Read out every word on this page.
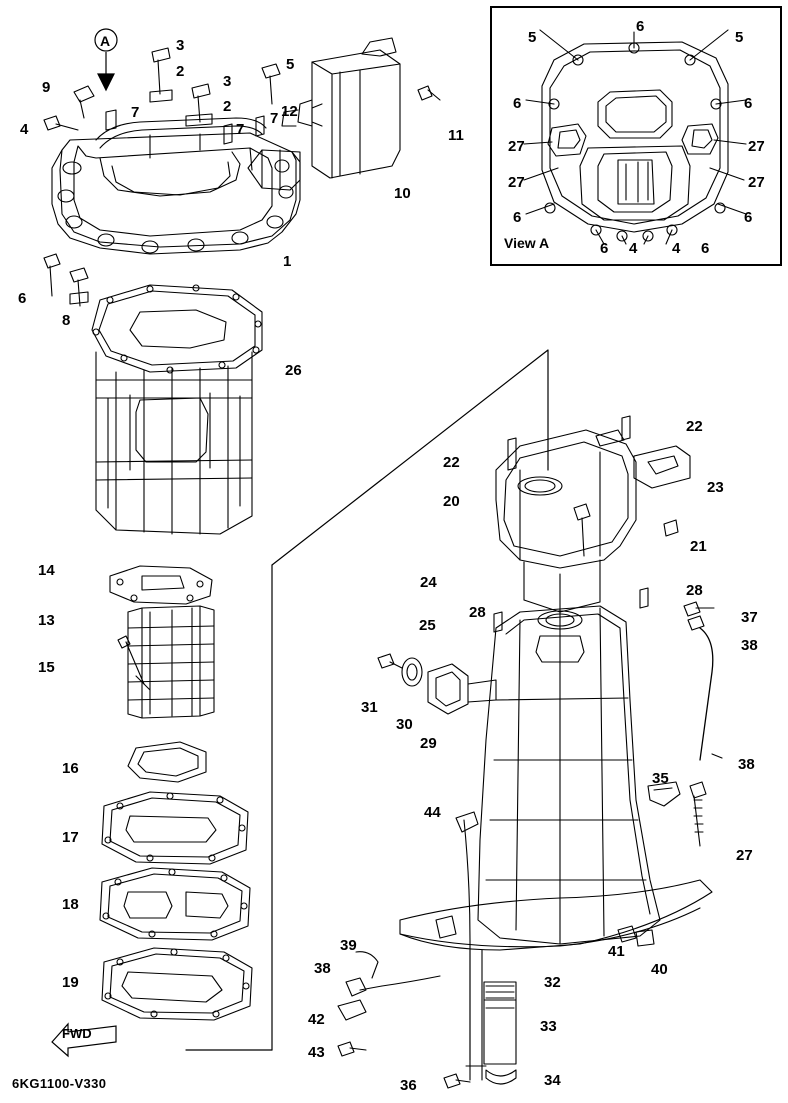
View A
A
FWD
6KG1100-V330
9
3
2	5
3
2
7
7
7 12
11
10
4
1
6
8
26
14
13
15
16
17
18
19
22
22
20
23
21
24	28
28
25	37
38
31
30
29
38
35
44
27
39
38
41
40
32
42	33
43
34
36
5
6
5
6	6
27	27
27	27
6	6
6 4 4 6
